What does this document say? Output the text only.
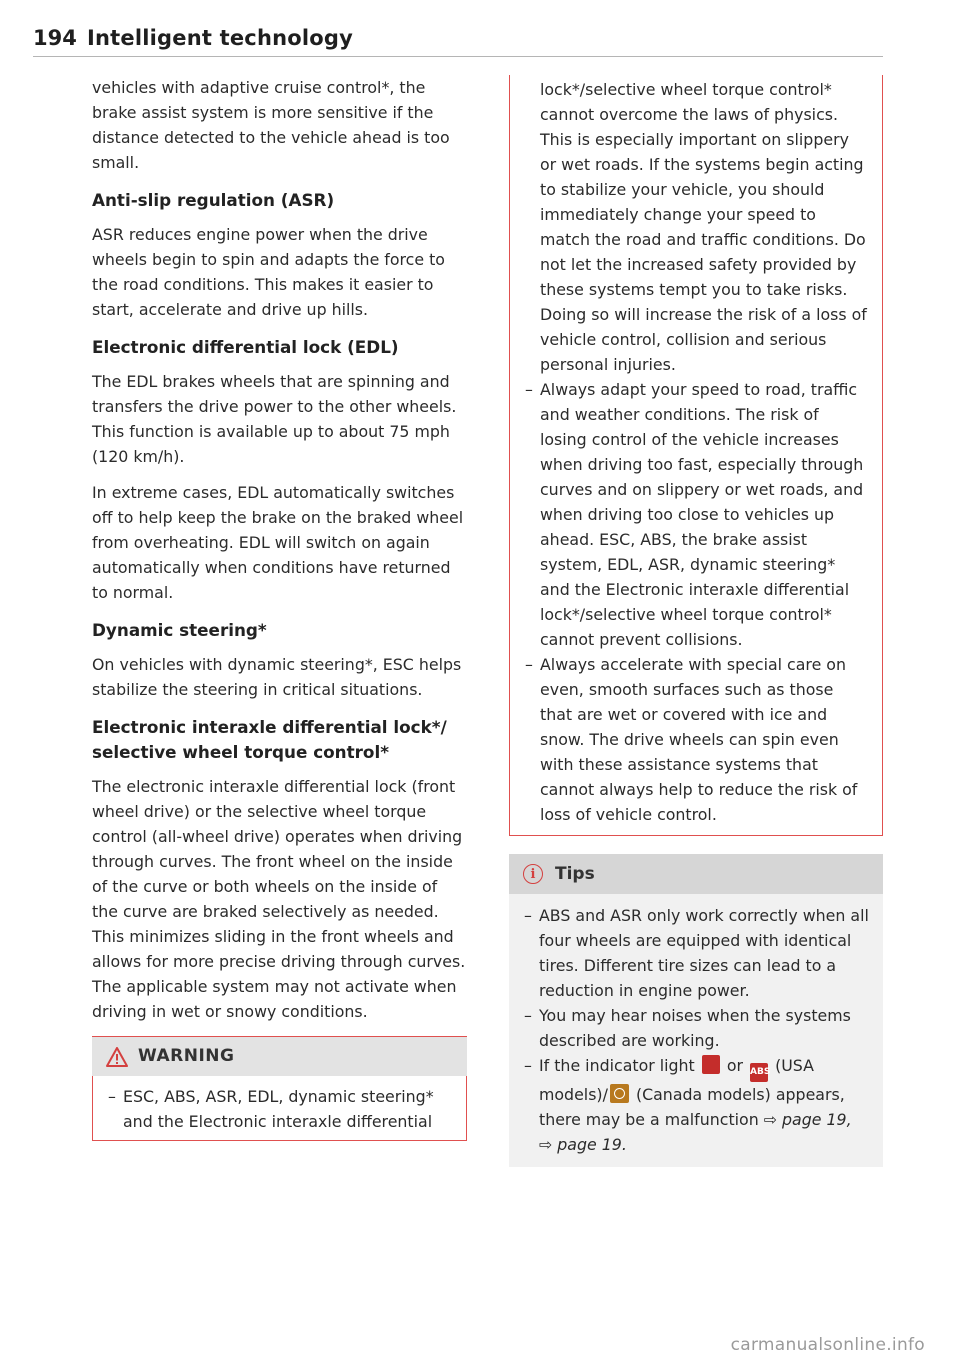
194 Intelligent technology

vehicles with adaptive cruise control*, the brake assist system is more sensitive if the distance detected to the vehicle ahead is too small.

Anti-slip regulation (ASR)

ASR reduces engine power when the drive wheels begin to spin and adapts the force to the road conditions. This makes it easier to start, accelerate and drive up hills.

Electronic differential lock (EDL)

The EDL brakes wheels that are spinning and transfers the drive power to the other wheels. This function is available up to about 75 mph (120 km/h).

In extreme cases, EDL automatically switches off to help keep the brake on the braked wheel from overheating. EDL will switch on again automatically when conditions have returned to normal.

Dynamic steering*

On vehicles with dynamic steering*, ESC helps stabilize the steering in critical situations.

Electronic interaxle differential lock*/ selective wheel torque control*

The electronic interaxle differential lock (front wheel drive) or the selective wheel torque control (all-wheel drive) operates when driving through curves. The front wheel on the inside of the curve or both wheels on the inside of the curve are braked selectively as needed. This minimizes sliding in the front wheels and allows for more precise driving through curves. The applicable system may not activate when driving in wet or snowy conditions.

WARNING
– ESC, ABS, ASR, EDL, dynamic steering* and the Electronic interaxle differential
lock*/selective wheel torque control* cannot overcome the laws of physics. This is especially important on slippery or wet roads. If the systems begin acting to stabilize your vehicle, you should immediately change your speed to match the road and traffic conditions. Do not let the increased safety provided by these systems tempt you to take risks. Doing so will increase the risk of a loss of vehicle control, collision and serious personal injuries.
– Always adapt your speed to road, traffic and weather conditions. The risk of losing control of the vehicle increases when driving too fast, especially through curves and on slippery or wet roads, and when driving too close to vehicles up ahead. ESC, ABS, the brake assist system, EDL, ASR, dynamic steering* and the Electronic interaxle differential lock*/selective wheel torque control* cannot prevent collisions.
– Always accelerate with special care on even, smooth surfaces such as those that are wet or covered with ice and snow. The drive wheels can spin even with these assistance systems that cannot always help to reduce the risk of loss of vehicle control.
i	Tips
– ABS and ASR only work correctly when all four wheels are equipped with identical tires. Different tire sizes can lead to a reduction in engine power.
– You may hear noises when the systems described are working.
– If the indicator light or ABS (USA models)/ (Canada models) appears, there may be a malfunction ⇨ page 19, ⇨ page 19.
carmanualsonline.info
